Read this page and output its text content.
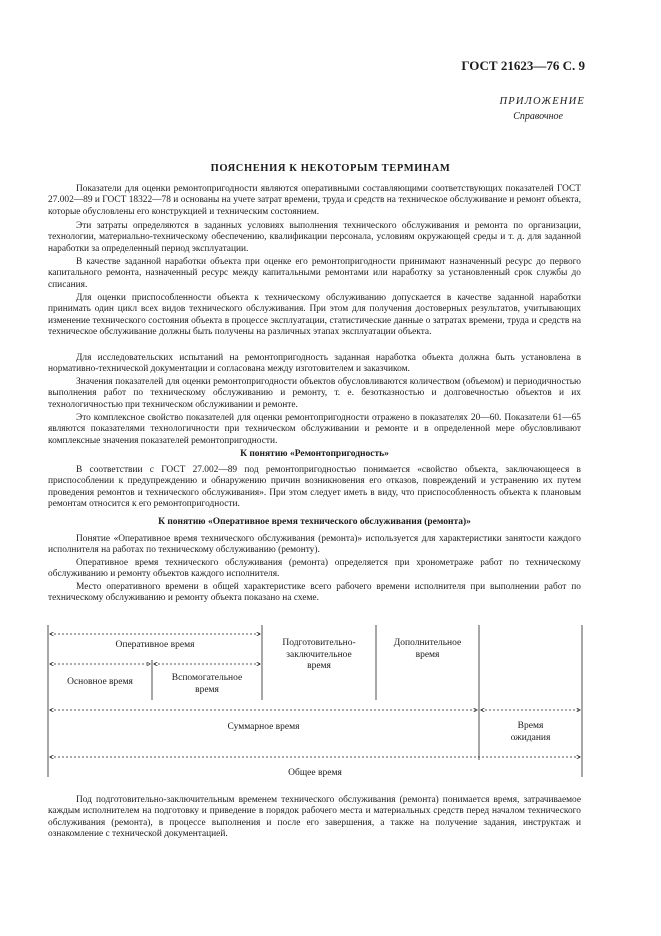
ГОСТ 21623—76 С. 9
ПРИЛОЖЕНИЕ
Справочное
ПОЯСНЕНИЯ К НЕКОТОРЫМ ТЕРМИНАМ

Показатели для оценки ремонтопригодности являются оперативными составляющими соответствующих показателей ГОСТ 27.002—89 и ГОСТ 18322—78 и основаны на учете затрат времени, труда и средств на техническое обслуживание и ремонт объекта, которые обусловлены его конструкцией и техническим состоянием.

Эти затраты определяются в заданных условиях выполнения технического обслуживания и ремонта по организации, технологии, материально-техническому обеспечению, квалификации персонала, условиям окружающей среды и т. д. для заданной наработки за определенный период эксплуатации.

В качестве заданной наработки объекта при оценке его ремонтопригодности принимают назначенный ресурс до первого капитального ремонта, назначенный ресурс между капитальными ремонтами или наработку за установленный срок службы до списания.

Для оценки приспособленности объекта к техническому обслуживанию допускается в качестве заданной наработки принимать один цикл всех видов технического обслуживания. При этом для получения достоверных результатов, учитывающих изменение технического состояния объекта в процессе эксплуатации, статистические данные о затратах времени, труда и средств на техническое обслуживание должны быть получены на различных этапах эксплуатации объекта.

Для исследовательских испытаний на ремонтопригодность заданная наработка объекта должна быть установлена в нормативно-технической документации и согласована между изготовителем и заказчиком.

Значения показателей для оценки ремонтопригодности объектов обусловливаются количеством (объемом) и периодичностью выполнения работ по техническому обслуживанию и ремонту, т. е. безотказностью и долговечностью объектов и их технологичностью при техническом обслуживании и ремонте.

Это комплексное свойство показателей для оценки ремонтопригодности отражено в показателях 20—60. Показатели 61—65 являются показателями технологичности при техническом обслуживании и ремонте и в определенной мере обусловливают комплексные значения показателей ремонтопригодности.

К понятию «Ремонтопригодность»

В соответствии с ГОСТ 27.002—89 под ремонтопригодностью понимается «свойство объекта, заключающееся в приспособлении к предупреждению и обнаружению причин возникновения его отказов, повреждений и устранению их путем проведения ремонтов и технического обслуживания». При этом следует иметь в виду, что приспособленность объекта к плановым ремонтам относится к его ремонтопригодности.

К понятию «Оперативное время технического обслуживания (ремонта)»

Понятие «Оперативное время технического обслуживания (ремонта)» используется для характеристики занятости каждого исполнителя на работах по техническому обслуживанию (ремонту).

Оперативное время технического обслуживания (ремонта) определяется при хронометраже работ по техническому обслуживанию и ремонту объектов каждого исполнителя.

Место оперативного времени в общей характеристике всего рабочего времени исполнителя при выполнении работ по техническому обслуживанию и ремонту объекта показано на схеме.

Оперативное время	Подготовительно-
заключительное
время
Дополнительное
время
Основное время	Вспомогательное
время
Суммарное время	Время
ожидания
Общее время

Под подготовительно-заключительным временем технического обслуживания (ремонта) понимается время, затрачиваемое каждым исполнителем на подготовку и приведение в порядок рабочего места и материальных средств перед началом технического обслуживания (ремонта), в процессе выполнения и после его завершения, а также на получение задания, инструктаж и ознакомление с технической документацией.
